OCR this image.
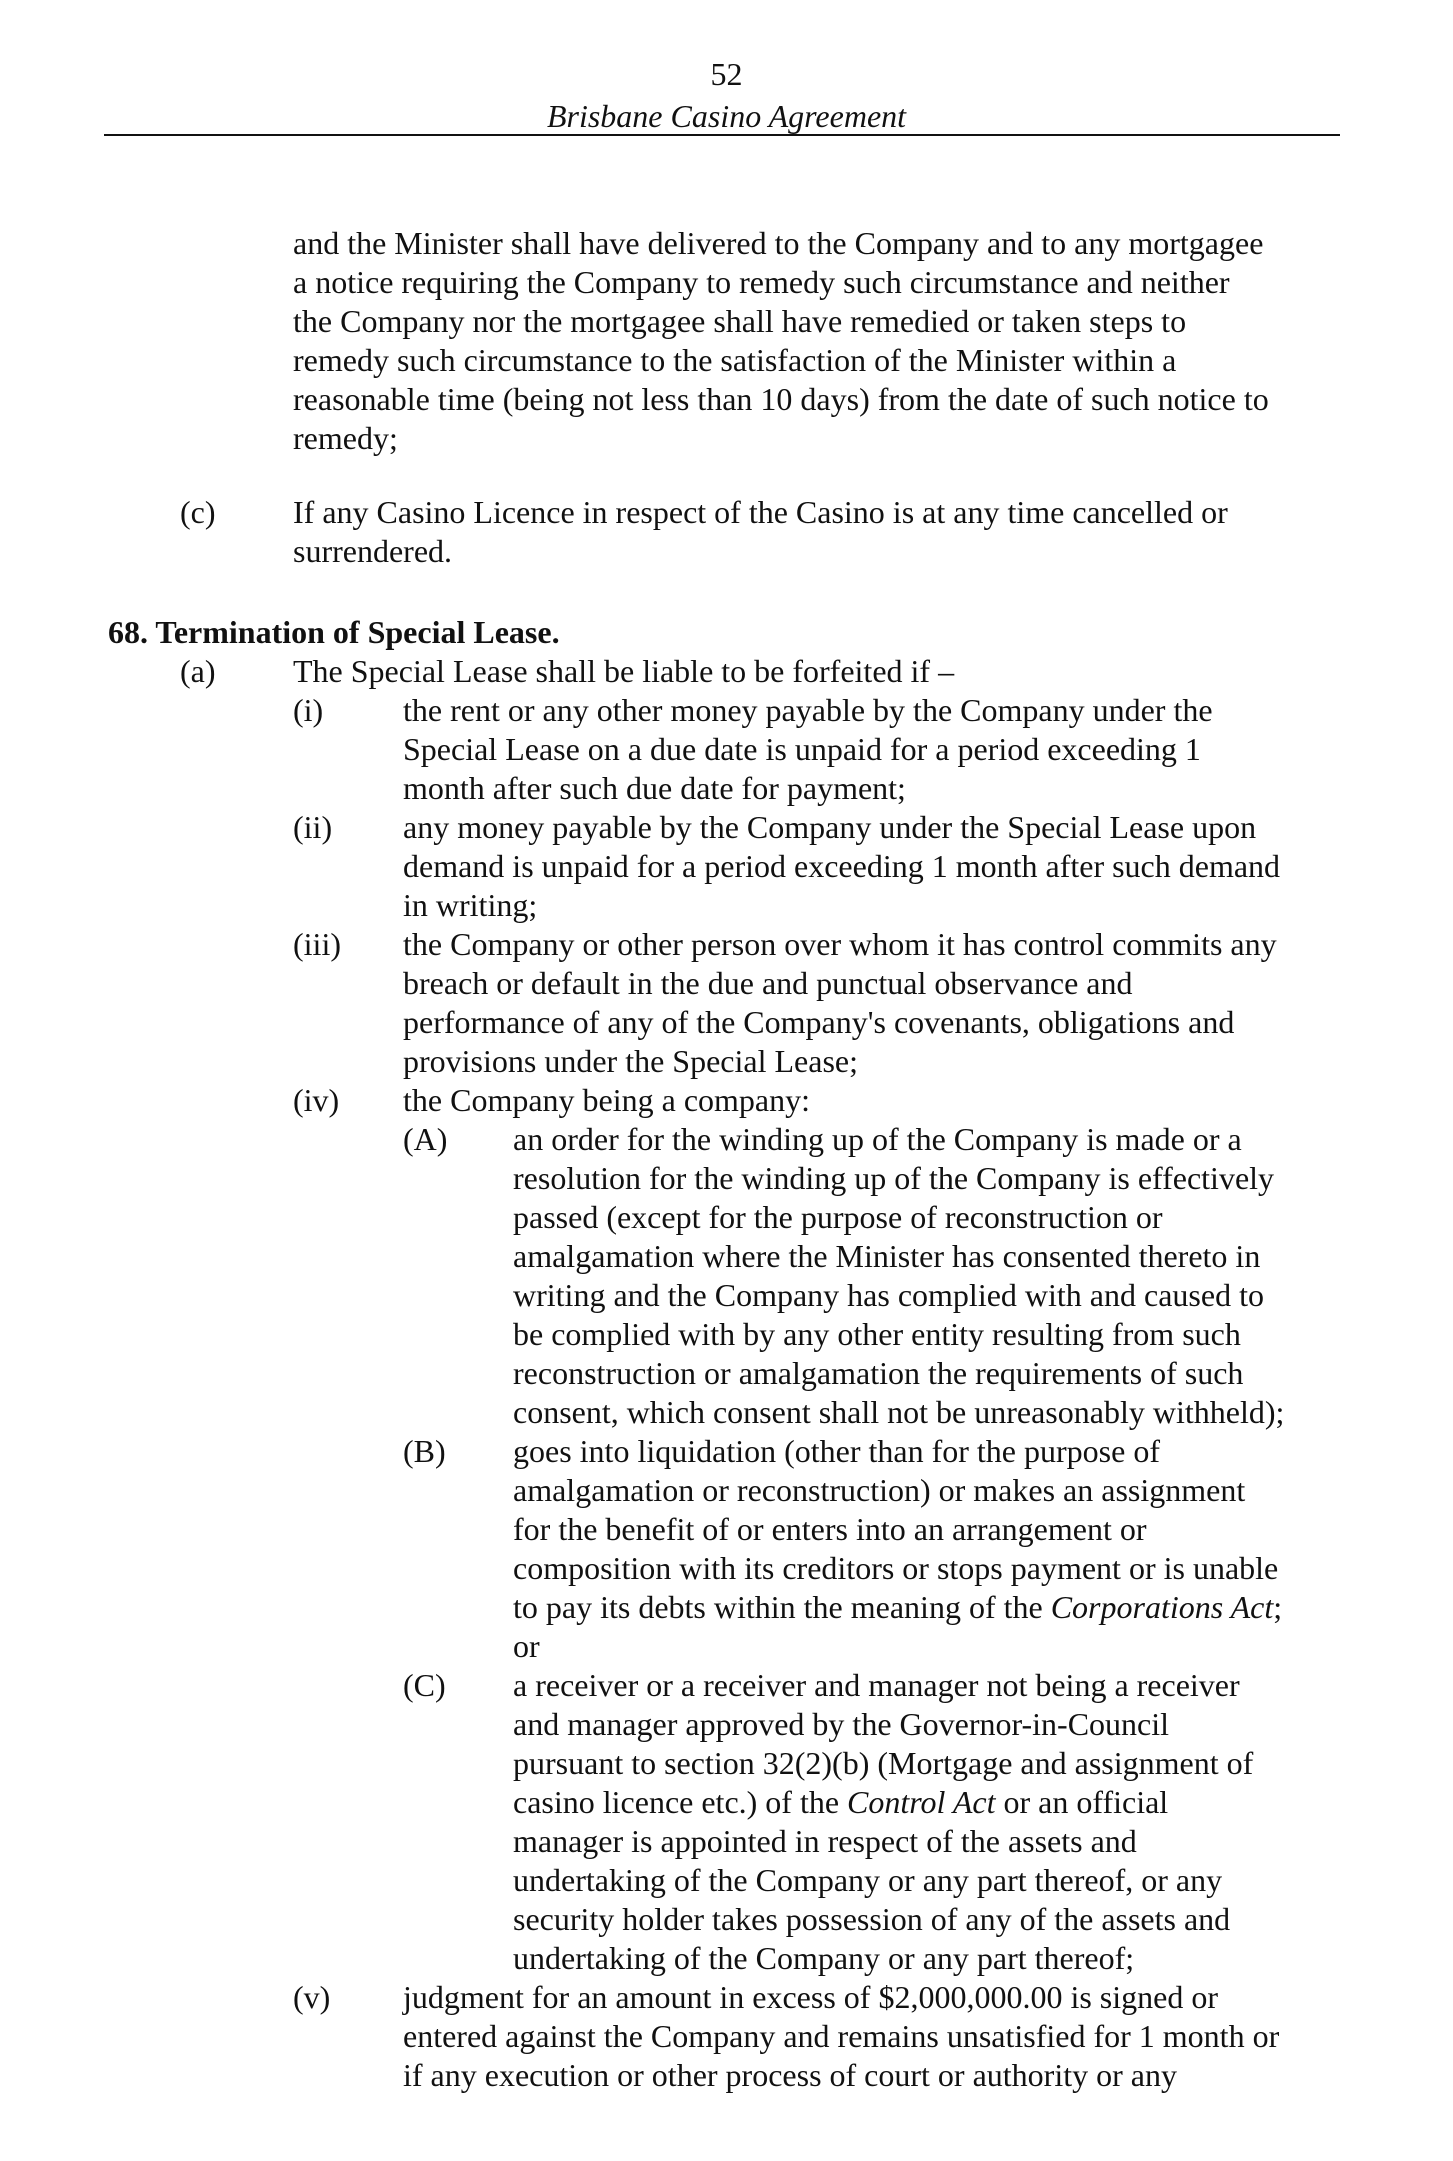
52
Brisbane Casino Agreement
and the Minister shall have delivered to the Company and to any mortgagee
a notice requiring the Company to remedy such circumstance and neither
the Company nor the mortgagee shall have remedied or taken steps to
remedy such circumstance to the satisfaction of the Minister within a
reasonable time (being not less than 10 days) from the date of such notice to
remedy;
(c) If any Casino Licence in respect of the Casino is at any time cancelled or
surrendered.
68. Termination of Special Lease.
(a) The Special Lease shall be liable to be forfeited if –
(i) the rent or any other money payable by the Company under the
Special Lease on a due date is unpaid for a period exceeding 1
month after such due date for payment;
(ii) any money payable by the Company under the Special Lease upon
demand is unpaid for a period exceeding 1 month after such demand
in writing;
(iii) the Company or other person over whom it has control commits any
breach or default in the due and punctual observance and
performance of any of the Company's covenants, obligations and
provisions under the Special Lease;
(iv) the Company being a company:
(A) an order for the winding up of the Company is made or a
resolution for the winding up of the Company is effectively
passed (except for the purpose of reconstruction or
amalgamation where the Minister has consented thereto in
writing and the Company has complied with and caused to
be complied with by any other entity resulting from such
reconstruction or amalgamation the requirements of such
consent, which consent shall not be unreasonably withheld);
(B) goes into liquidation (other than for the purpose of
amalgamation or reconstruction) or makes an assignment
for the benefit of or enters into an arrangement or
composition with its creditors or stops payment or is unable
to pay its debts within the meaning of the Corporations Act;
or
(C) a receiver or a receiver and manager not being a receiver
and manager approved by the Governor-in-Council
pursuant to section 32(2)(b) (Mortgage and assignment of
casino licence etc.) of the Control Act or an official
manager is appointed in respect of the assets and
undertaking of the Company or any part thereof, or any
security holder takes possession of any of the assets and
undertaking of the Company or any part thereof;
(v) judgment for an amount in excess of $2,000,000.00 is signed or
entered against the Company and remains unsatisfied for 1 month or
if any execution or other process of court or authority or any
